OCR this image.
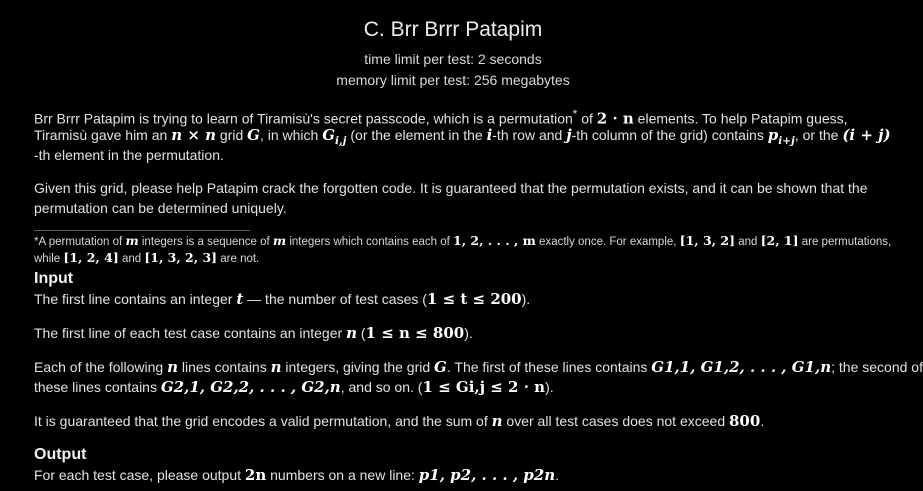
C. Brr Brrr Patapim
time limit per test: 2 seconds
memory limit per test: 256 megabytes
Brr Brrr Patapim is trying to learn of Tiramisù's secret passcode, which is a permutation* of 2 · n elements. To help Patapim guess,
Tiramisù gave him an n × n grid G, in which $G_{i,j}$ (or the element in the i-th row and j-th column of the grid) contains $p_{i+j}$, or the (i + j)
-th element in the permutation.
Given this grid, please help Patapim crack the forgotten code. It is guaranteed that the permutation exists, and it can be shown that the
permutation can be determined uniquely.
*A permutation of m integers is a sequence of m integers which contains each of 1, 2, . . . , m exactly once. For example, [1, 3, 2] and [2, 1] are permutations,
while [1, 2, 4] and [1, 3, 2, 3] are not.
Input
The first line contains an integer t — the number of test cases (1 ≤ t ≤ 200).
The first line of each test case contains an integer n (1 ≤ n ≤ 800).
Each of the following n lines contains n integers, giving the grid G. The first of these lines contains G1,1, G1,2, . . . , G1,n; the second of
these lines contains G2,1, G2,2, . . . , G2,n, and so on. (1 ≤ Gi,j ≤ 2 · n).
It is guaranteed that the grid encodes a valid permutation, and the sum of n over all test cases does not exceed 800.
Output
For each test case, please output 2n numbers on a new line: p1, p2, . . . , p2n.
